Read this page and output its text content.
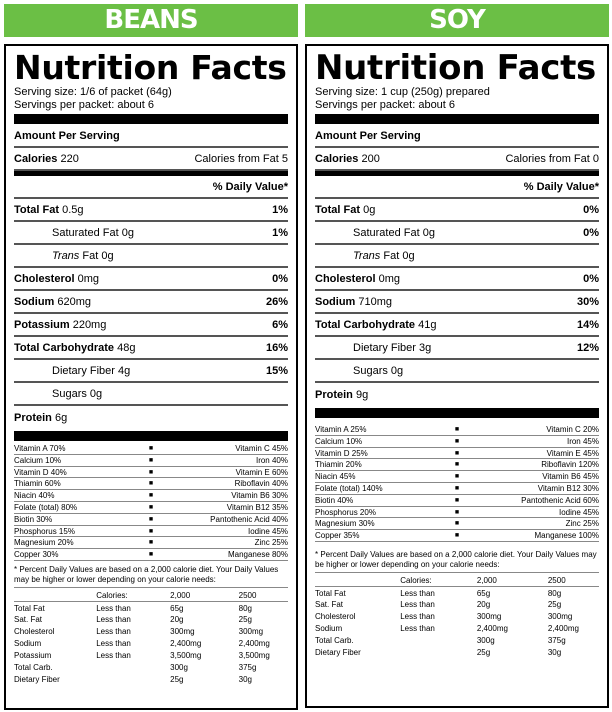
BEANS
Nutrition Facts
Serving size: 1/6 of packet (64g)
Servings per packet: about 6
Amount Per Serving
Calories 220	Calories from Fat 5
% Daily Value*
Total Fat 0.5g	1%
Saturated Fat 0g	1%
Trans Fat 0g
Cholesterol 0mg	0%
Sodium 620mg	26%
Potassium 220mg	6%
Total Carbohydrate 48g	16%
Dietary Fiber 4g	15%
Sugars 0g
Protein 6g
Vitamin A 70%	■	Vitamin C 45%
Calcium 10%	■	Iron 40%
Vitamin D 40%	■	Vitamin E 60%
Thiamin 60%	■	Riboflavin 40%
Niacin 40%	■	Vitamin B6 30%
Folate (total) 80%	■	Vitamin B12 35%
Biotin 30%	■	Pantothenic Acid 40%
Phosphorus 15%	■	Iodine 45%
Magnesium 20%	■	Zinc 25%
Copper 30%	■	Manganese 80%
* Percent Daily Values are based on a 2,000 calorie diet. Your Daily Values may be higher or lower depending on your calorie needs:
	Calories:	2,000	2500
Total Fat	Less than	65g	80g
Sat. Fat	Less than	20g	25g
Cholesterol	Less than	300mg	300mg
Sodium	Less than	2,400mg	2,400mg
Potassium	Less than	3,500mg	3,500mg
Total Carb.		300g	375g
Dietary Fiber		25g	30g
SOY
Nutrition Facts
Serving size: 1 cup (250g) prepared
Servings per packet: about 6
Amount Per Serving
Calories 200	Calories from Fat 0
% Daily Value*
Total Fat 0g	0%
Saturated Fat 0g	0%
Trans Fat 0g
Cholesterol 0mg	0%
Sodium 710mg	30%
Total Carbohydrate 41g	14%
Dietary Fiber 3g	12%
Sugars 0g
Protein 9g
Vitamin A 25%	■	Vitamin C 20%
Calcium 10%	■	Iron 45%
Vitamin D 25%	■	Vitamin E 45%
Thiamin 20%	■	Riboflavin 120%
Niacin 45%	■	Vitamin B6 45%
Folate (total) 140%	■	Vitamin B12 30%
Biotin 40%	■	Pantothenic Acid 60%
Phosphorus 20%	■	Iodine 45%
Magnesium 30%	■	Zinc 25%
Copper 35%	■	Manganese 100%
* Percent Daily Values are based on a 2,000 calorie diet. Your Daily Values may be higher or lower depending on your calorie needs:
	Calories:	2,000	2500
Total Fat	Less than	65g	80g
Sat. Fat	Less than	20g	25g
Cholesterol	Less than	300mg	300mg
Sodium	Less than	2,400mg	2,400mg
Total Carb.		300g	375g
Dietary Fiber		25g	30g
